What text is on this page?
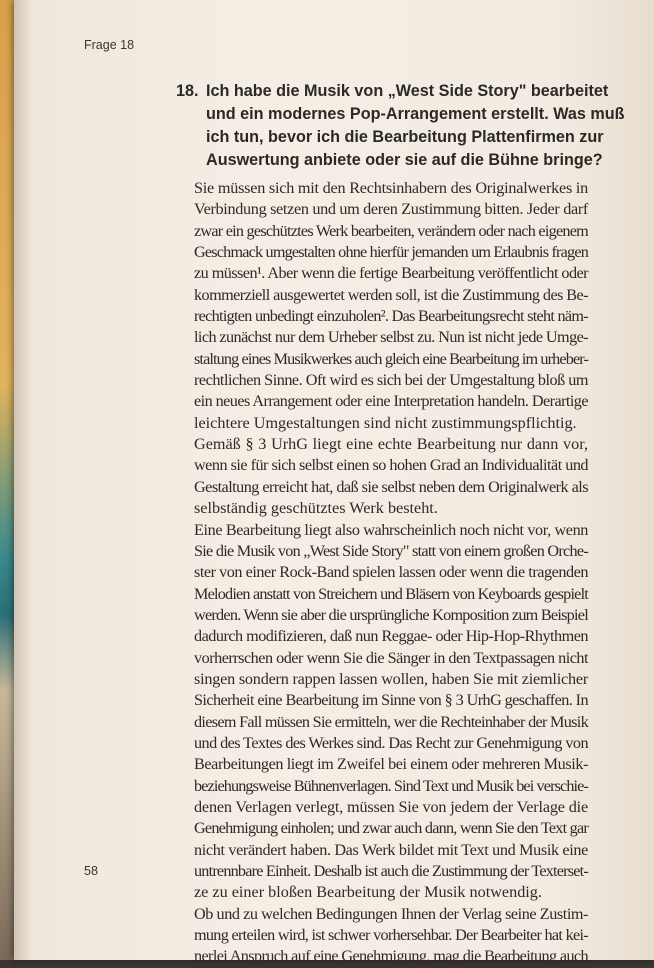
Frage 18
18. Ich habe die Musik von „West Side Story" bearbeitet
und ein modernes Pop-Arrangement erstellt. Was muß
ich tun, bevor ich die Bearbeitung Plattenfirmen zur
Auswertung anbiete oder sie auf die Bühne bringe?
Sie müssen sich mit den Rechtsinhabern des Originalwerkes in
Verbindung setzen und um deren Zustimmung bitten. Jeder darf
zwar ein geschütztes Werk bearbeiten, verändern oder nach eigenem
Geschmack umgestalten ohne hierfür jemanden um Erlaubnis fragen
zu müssen¹. Aber wenn die fertige Bearbeitung veröffentlicht oder
kommerziell ausgewertet werden soll, ist die Zustimmung des Be-
rechtigten unbedingt einzuholen². Das Bearbeitungsrecht steht näm-
lich zunächst nur dem Urheber selbst zu. Nun ist nicht jede Umge-
staltung eines Musikwerkes auch gleich eine Bearbeitung im urheber-
rechtlichen Sinne. Oft wird es sich bei der Umgestaltung bloß um
ein neues Arrangement oder eine Interpretation handeln. Derartige
leichtere Umgestaltungen sind nicht zustimmungspflichtig.
Gemäß § 3 UrhG liegt eine echte Bearbeitung nur dann vor,
wenn sie für sich selbst einen so hohen Grad an Individualität und
Gestaltung erreicht hat, daß sie selbst neben dem Originalwerk als
selbständig geschütztes Werk besteht.
Eine Bearbeitung liegt also wahrscheinlich noch nicht vor, wenn
Sie die Musik von „West Side Story" statt von einem großen Orche-
ster von einer Rock-Band spielen lassen oder wenn die tragenden
Melodien anstatt von Streichern und Bläsern von Keyboards gespielt
werden. Wenn sie aber die ursprüngliche Komposition zum Beispiel
dadurch modifizieren, daß nun Reggae- oder Hip-Hop-Rhythmen
vorherrschen oder wenn Sie die Sänger in den Textpassagen nicht
singen sondern rappen lassen wollen, haben Sie mit ziemlicher
Sicherheit eine Bearbeitung im Sinne von § 3 UrhG geschaffen. In
diesem Fall müssen Sie ermitteln, wer die Rechteinhaber der Musik
und des Textes des Werkes sind. Das Recht zur Genehmigung von
Bearbeitungen liegt im Zweifel bei einem oder mehreren Musik-
beziehungsweise Bühnenverlagen. Sind Text und Musik bei verschie-
denen Verlagen verlegt, müssen Sie von jedem der Verlage die
Genehmigung einholen; und zwar auch dann, wenn Sie den Text gar
nicht verändert haben. Das Werk bildet mit Text und Musik eine
untrennbare Einheit. Deshalb ist auch die Zustimmung der Texterset-
ze zu einer bloßen Bearbeitung der Musik notwendig.
Ob und zu welchen Bedingungen Ihnen der Verlag seine Zustim-
mung erteilen wird, ist schwer vorhersehbar. Der Bearbeiter hat kei-
nerlei Anspruch auf eine Genehmigung, mag die Bearbeitung auch
58
